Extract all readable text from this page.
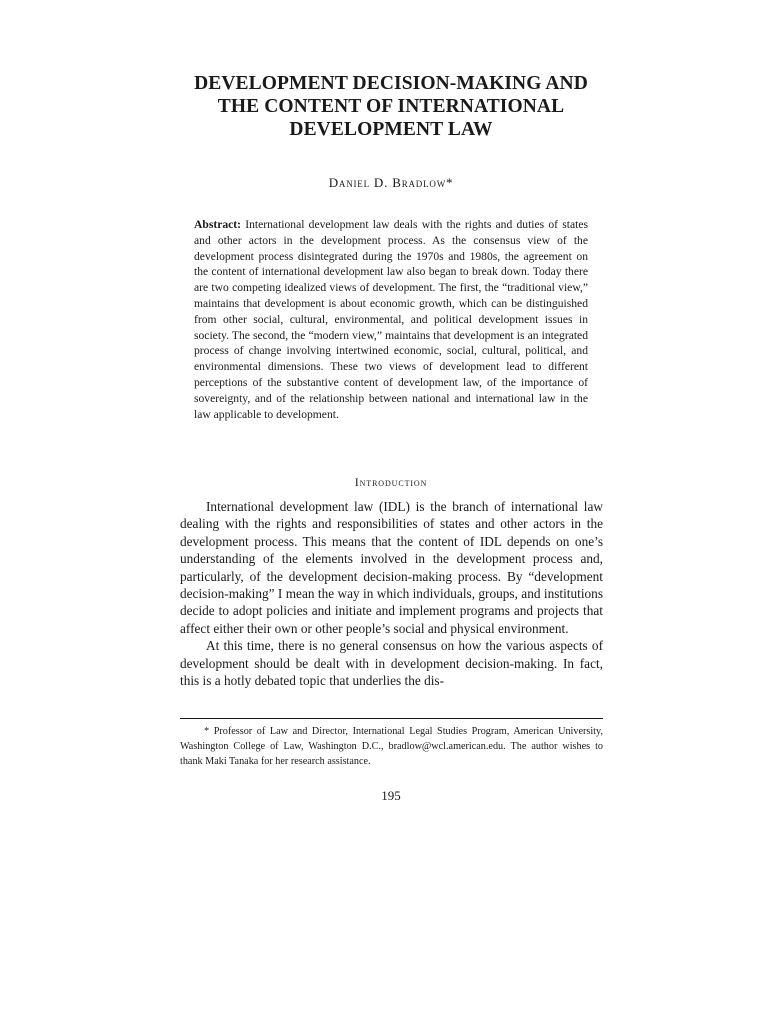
DEVELOPMENT DECISION-MAKING AND
THE CONTENT OF INTERNATIONAL
DEVELOPMENT LAW
Daniel D. Bradlow*
Abstract: International development law deals with the rights and duties of states and other actors in the development process. As the consensus view of the development process disintegrated during the 1970s and 1980s, the agreement on the content of international development law also began to break down. Today there are two competing idealized views of development. The first, the “traditional view,” maintains that development is about economic growth, which can be distinguished from other social, cultural, environmental, and political development issues in society. The second, the “modern view,” maintains that development is an integrated process of change involving intertwined economic, social, cultural, political, and environmental dimensions. These two views of development lead to different perceptions of the substantive content of development law, of the importance of sovereignty, and of the relationship between national and international law in the law applicable to development.
Introduction

International development law (IDL) is the branch of international law dealing with the rights and responsibilities of states and other actors in the development process. This means that the content of IDL depends on one’s understanding of the elements involved in the development process and, particularly, of the development decision-making process. By “development decision-making” I mean the way in which individuals, groups, and institutions decide to adopt policies and initiate and implement programs and projects that affect either their own or other people’s social and physical environment.

At this time, there is no general consensus on how the various aspects of development should be dealt with in development decision-making. In fact, this is a hotly debated topic that underlies the dis-

* Professor of Law and Director, International Legal Studies Program, American University, Washington College of Law, Washington D.C., bradlow@wcl.american.edu. The author wishes to thank Maki Tanaka for her research assistance.
195
